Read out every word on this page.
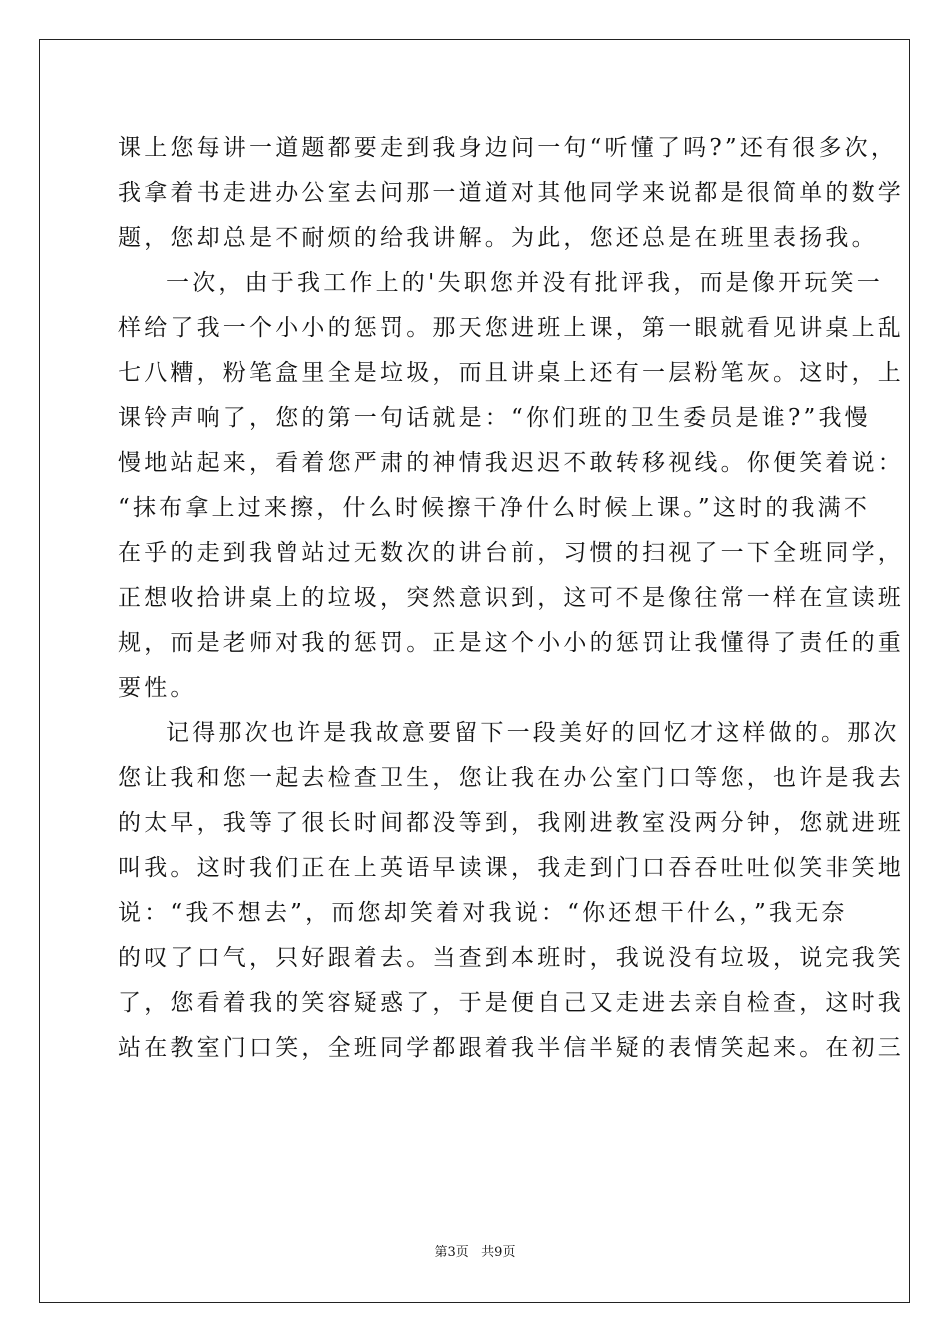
课上您每讲一道题都要走到我身边问一句“听懂了吗?”还有很多次，
我拿着书走进办公室去问那一道道对其他同学来说都是很简单的数学
题，您却总是不耐烦的给我讲解。为此，您还总是在班里表扬我。
一次，由于我工作上的'失职您并没有批评我，而是像开玩笑一
样给了我一个小小的惩罚。那天您进班上课，第一眼就看见讲桌上乱
七八糟，粉笔盒里全是垃圾，而且讲桌上还有一层粉笔灰。这时，上
课铃声响了，您的第一句话就是：“你们班的卫生委员是谁?”我慢
慢地站起来，看着您严肃的神情我迟迟不敢转移视线。你便笑着说：
“抹布拿上过来擦，什么时候擦干净什么时候上课。”这时的我满不
在乎的走到我曾站过无数次的讲台前，习惯的扫视了一下全班同学，
正想收拾讲桌上的垃圾，突然意识到，这可不是像往常一样在宣读班
规，而是老师对我的惩罚。正是这个小小的惩罚让我懂得了责任的重
要性。
记得那次也许是我故意要留下一段美好的回忆才这样做的。那次
您让我和您一起去检查卫生，您让我在办公室门口等您，也许是我去
的太早，我等了很长时间都没等到，我刚进教室没两分钟，您就进班
叫我。这时我们正在上英语早读课，我走到门口吞吞吐吐似笑非笑地
说：“我不想去”，而您却笑着对我说：“你还想干什么，”我无奈
的叹了口气，只好跟着去。当查到本班时，我说没有垃圾，说完我笑
了，您看着我的笑容疑惑了，于是便自己又走进去亲自检查，这时我
站在教室门口笑，全班同学都跟着我半信半疑的表情笑起来。在初三
第3页   共9页
